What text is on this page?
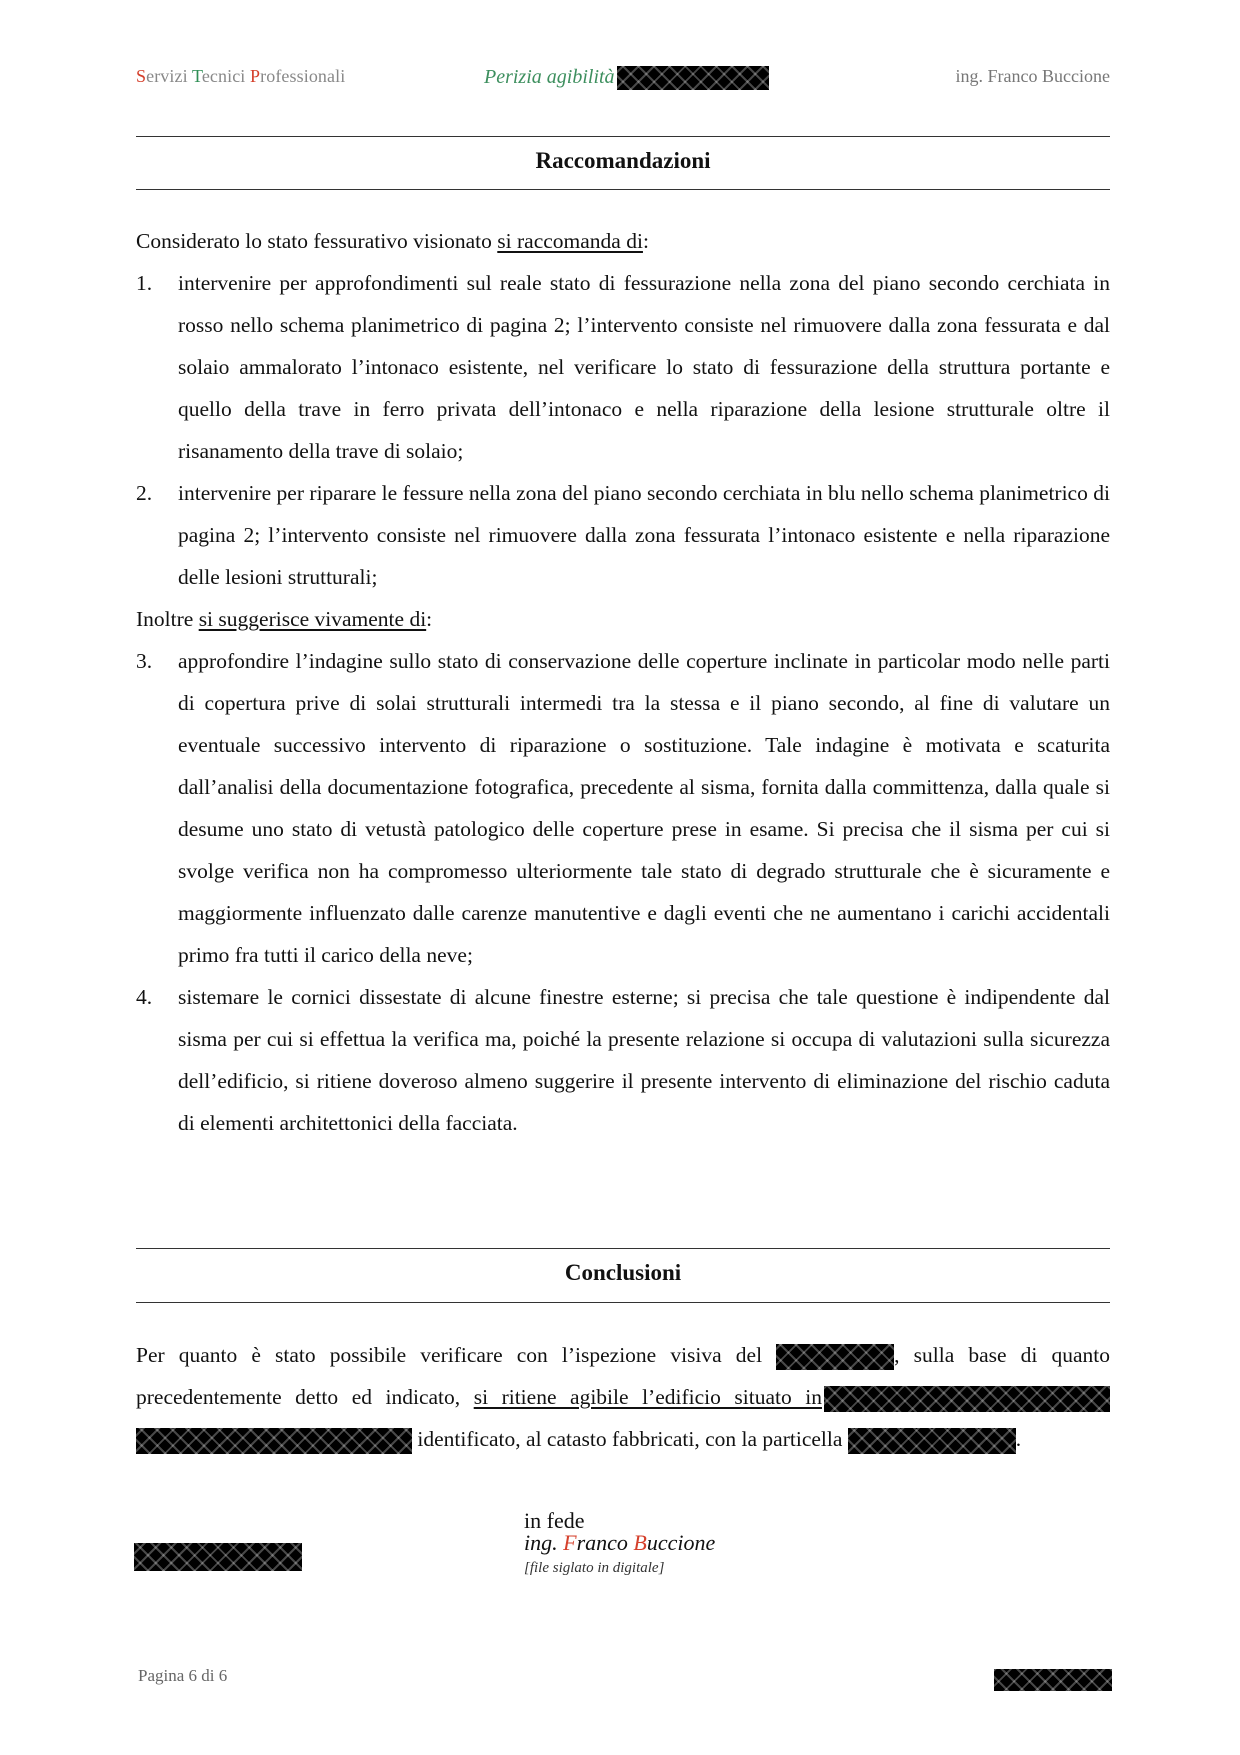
Servizi Tecnici Professionali	Perizia agibilità	ing. Franco Buccione
Raccomandazioni

Considerato lo stato fessurativo visionato si raccomanda di:

1. intervenire per approfondimenti sul reale stato di fessurazione nella zona del piano secondo cerchiata in rosso nello schema planimetrico di pagina 2; l’intervento consiste nel rimuovere dalla zona fessurata e dal solaio ammalorato l’intonaco esistente, nel verificare lo stato di fessurazione della struttura portante e quello della trave in ferro privata dell’intonaco e nella riparazione della lesione strutturale oltre il risanamento della trave di solaio;
2. intervenire per riparare le fessure nella zona del piano secondo cerchiata in blu nello schema planimetrico di pagina 2; l’intervento consiste nel rimuovere dalla zona fessurata l’intonaco esistente e nella riparazione delle lesioni strutturali;

Inoltre si suggerisce vivamente di:

3. approfondire l’indagine sullo stato di conservazione delle coperture inclinate in particolar modo nelle parti di copertura prive di solai strutturali intermedi tra la stessa e il piano secondo, al fine di valutare un eventuale successivo intervento di riparazione o sostituzione. Tale indagine è motivata e scaturita dall’analisi della documentazione fotografica, precedente al sisma, fornita dalla committenza, dalla quale si desume uno stato di vetustà patologico delle coperture prese in esame. Si precisa che il sisma per cui si svolge verifica non ha compromesso ulteriormente tale stato di degrado strutturale che è sicuramente e maggiormente influenzato dalle carenze manutentive e dagli eventi che ne aumentano i carichi accidentali primo fra tutti il carico della neve;
4. sistemare le cornici dissestate di alcune finestre esterne; si precisa che tale questione è indipendente dal sisma per cui si effettua la verifica ma, poiché la presente relazione si occupa di valutazioni sulla sicurezza dell’edificio, si ritiene doveroso almeno suggerire il presente intervento di eliminazione del rischio caduta di elementi architettonici della facciata.
Conclusioni

Per quanto è stato possibile verificare con l’ispezione visiva del	, sulla base di quanto precedentemente detto ed indicato, si ritiene agibile l’edificio situato in  identificato, al catasto fabbricati, con la particella	.

in fede
ing. Franco Buccione
[file siglato in digitale]
Pagina 6 di 6
